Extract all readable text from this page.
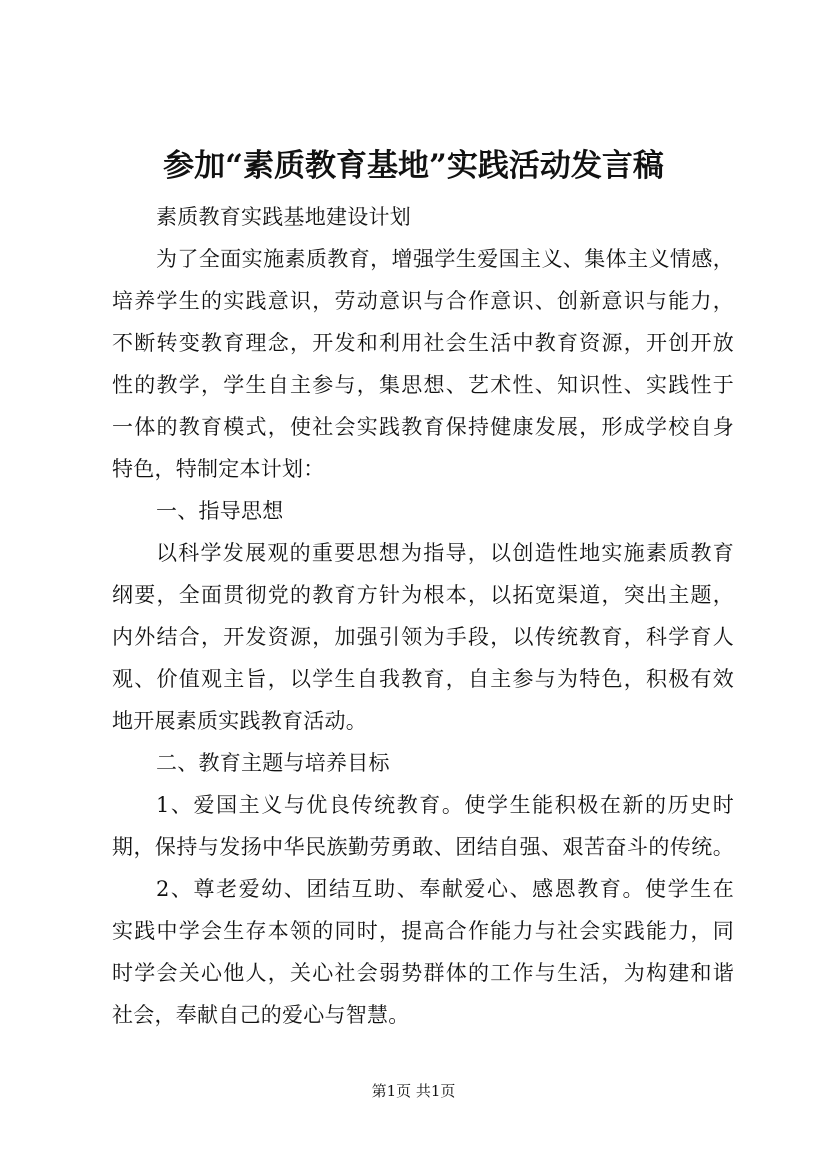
参加“素质教育基地”实践活动发言稿
素质教育实践基地建设计划
为了全面实施素质教育，增强学生爱国主义、集体主义情感，
培养学生的实践意识，劳动意识与合作意识、创新意识与能力，
不断转变教育理念，开发和利用社会生活中教育资源，开创开放
性的教学，学生自主参与，集思想、艺术性、知识性、实践性于
一体的教育模式，使社会实践教育保持健康发展，形成学校自身
特色，特制定本计划：
一、指导思想
以科学发展观的重要思想为指导，以创造性地实施素质教育
纲要，全面贯彻党的教育方针为根本，以拓宽渠道，突出主题，
内外结合，开发资源，加强引领为手段，以传统教育，科学育人
观、价值观主旨，以学生自我教育，自主参与为特色，积极有效
地开展素质实践教育活动。
二、教育主题与培养目标
1、爱国主义与优良传统教育。使学生能积极在新的历史时
期，保持与发扬中华民族勤劳勇敢、团结自强、艰苦奋斗的传统。
2、尊老爱幼、团结互助、奉献爱心、感恩教育。使学生在
实践中学会生存本领的同时，提高合作能力与社会实践能力，同
时学会关心他人，关心社会弱势群体的工作与生活，为构建和谐
社会，奉献自己的爱心与智慧。
第1页 共1页
